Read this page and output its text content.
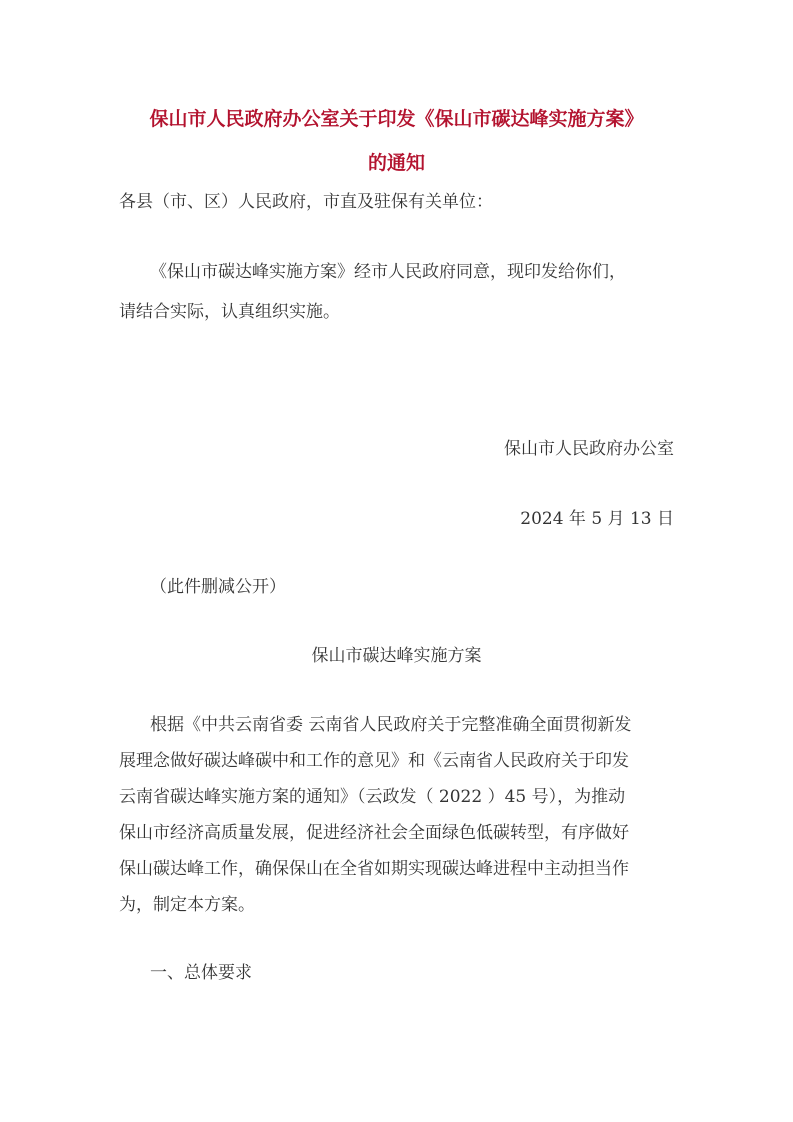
保山市人民政府办公室关于印发《保山市碳达峰实施方案》
的通知
各县（市、区）人民政府，市直及驻保有关单位：
《保山市碳达峰实施方案》经市人民政府同意，现印发给你们，
请结合实际，认真组织实施。
保山市人民政府办公室
2024 年 5 月 13 日
（此件删减公开）
保山市碳达峰实施方案
根据《中共云南省委 云南省人民政府关于完整准确全面贯彻新发
展理念做好碳达峰碳中和工作的意见》和《云南省人民政府关于印发
云南省碳达峰实施方案的通知》（云政发（ 2022 ）45 号），为推动
保山市经济高质量发展，促进经济社会全面绿色低碳转型，有序做好
保山碳达峰工作，确保保山在全省如期实现碳达峰进程中主动担当作
为，制定本方案。
一、总体要求
